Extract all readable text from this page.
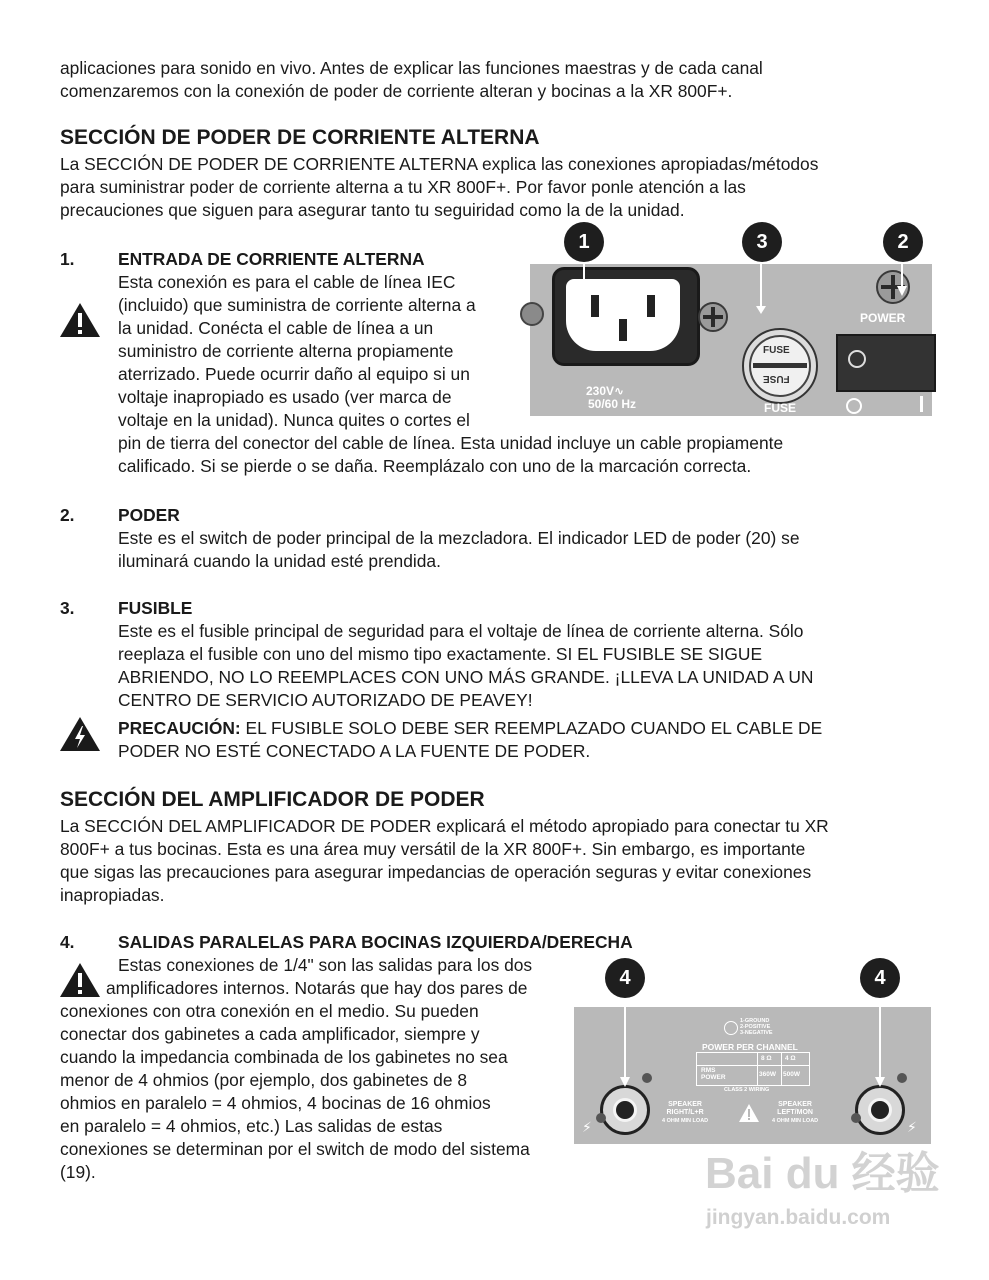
aplicaciones para sonido en vivo. Antes de explicar las funciones maestras y de cada canal
comenzaremos con la conexión de poder de corriente alteran y bocinas a la XR 800F+.
SECCIÓN DE PODER DE CORRIENTE ALTERNA
La SECCIÓN DE PODER DE CORRIENTE ALTERNA explica las conexiones apropiadas/métodos
para suministrar poder de corriente alterna a tu XR 800F+. Por favor ponle atención a las
precauciones que siguen para asegurar tanto tu seguiridad como la de la unidad.
1. ENTRADA DE CORRIENTE ALTERNA
Esta conexión es para el cable de línea IEC
(incluido) que suministra de corriente alterna a
la unidad. Conécta el cable de línea a un
suministro de corriente alterna propiamente
aterrizado. Puede ocurrir daño al equipo si un
voltaje inapropiado es usado (ver marca de
voltaje en la unidad). Nunca quites o cortes el
pin de tierra del conector del cable de línea. Esta unidad incluye un cable propiamente
calificado. Si se pierde o se daña. Reemplázalo con uno de la marcación correcta.
230V∿
50/60 Hz
FUSE
FUSE
FUSE
POWER
1	3	2
2. PODER
Este es el switch de poder principal de la mezcladora. El indicador LED de poder (20) se
iluminará cuando la unidad esté prendida.
3. FUSIBLE
Este es el fusible principal de seguridad para el voltaje de línea de corriente alterna. Sólo
reeplaza el fusible con uno del mismo tipo exactamente. SI EL FUSIBLE SE SIGUE
ABRIENDO, NO LO REEMPLACES CON UNO MÁS GRANDE. ¡LLEVA LA UNIDAD A UN
CENTRO DE SERVICIO AUTORIZADO DE PEAVEY!
PRECAUCIÓN: EL FUSIBLE SOLO DEBE SER REEMPLAZADO CUANDO EL CABLE DE
PODER NO ESTÉ CONECTADO A LA FUENTE DE PODER.
SECCIÓN DEL AMPLIFICADOR DE PODER
La SECCIÓN DEL AMPLIFICADOR DE PODER explicará el método apropiado para conectar tu XR
800F+ a tus bocinas. Esta es una área muy versátil de la XR 800F+. Sin embargo, es importante
que sigas las precauciones para asegurar impedancias de operación seguras y evitar conexiones
inapropiadas.
4. SALIDAS PARALELAS PARA BOCINAS IZQUIERDA/DERECHA
Estas conexiones de 1/4" son las salidas para los dos
amplificadores internos. Notarás que hay dos pares de
conexiones con otra conexión en el medio. Su pueden
conectar dos gabinetes a cada amplificador, siempre y
cuando la impedancia combinada de los gabinetes no sea
menor de 4 ohmios (por ejemplo, dos gabinetes de 8
ohmios en paralelo = 4 ohmios, 4 bocinas de 16 ohmios
en paralelo = 4 ohmios, etc.) Las salidas de estas
conexiones se determinan por el switch de modo del sistema
(19).
1-GROUND
2-POSITIVE
3-NEGATIVE
POWER PER CHANNEL
8 Ω 4 Ω
RMS
POWER	360W 500W
CLASS 2 WIRING
SPEAKER
RIGHT/L+R
4 OHM MIN LOAD
SPEAKER
LEFT/MON
4 OHM MIN LOAD
⚡	⚡
4	4
Bai du 经验
jingyan.baidu.com
